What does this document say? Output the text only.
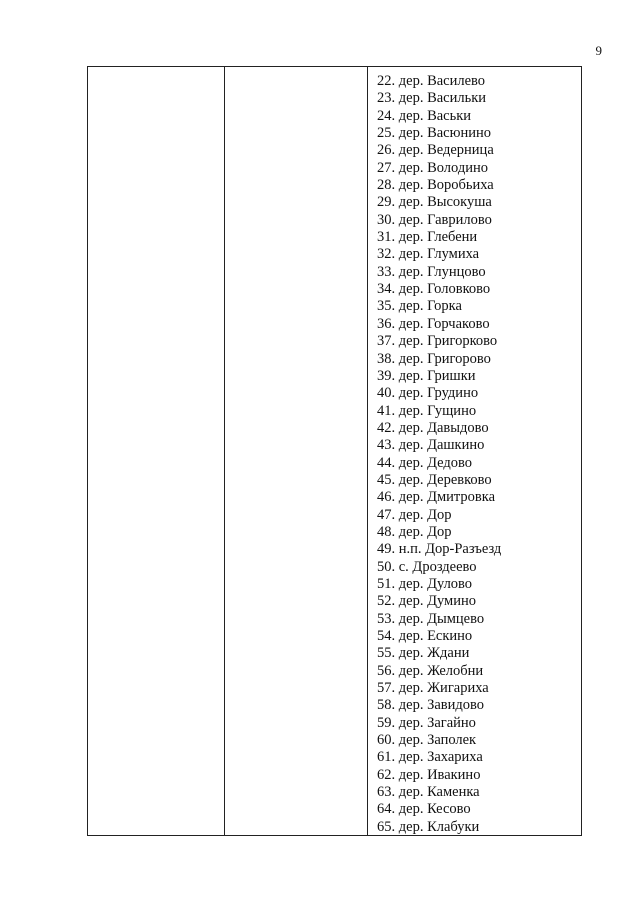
9
22. дер. Василево
23. дер. Васильки
24. дер. Васьки
25. дер. Васюнино
26. дер. Ведерница
27. дер. Володино
28. дер. Воробьиха
29. дер. Высокуша
30. дер. Гаврилово
31. дер. Глебени
32. дер. Глумиха
33. дер. Глунцово
34. дер. Головково
35. дер. Горка
36. дер. Горчаково
37. дер. Григорково
38. дер. Григорово
39. дер. Гришки
40. дер. Грудино
41. дер. Гущино
42. дер. Давыдово
43. дер. Дашкино
44. дер. Дедово
45. дер. Деревково
46. дер. Дмитровка
47. дер. Дор
48. дер. Дор
49. н.п. Дор-Разъезд
50. с. Дроздеево
51. дер. Дулово
52. дер. Думино
53. дер. Дымцево
54. дер. Ескино
55. дер. Ждани
56. дер. Желобни
57. дер. Жигариха
58. дер. Завидово
59. дер. Загайно
60. дер. Заполек
61. дер. Захариха
62. дер. Ивакино
63. дер. Каменка
64. дер. Кесово
65. дер. Клабуки
